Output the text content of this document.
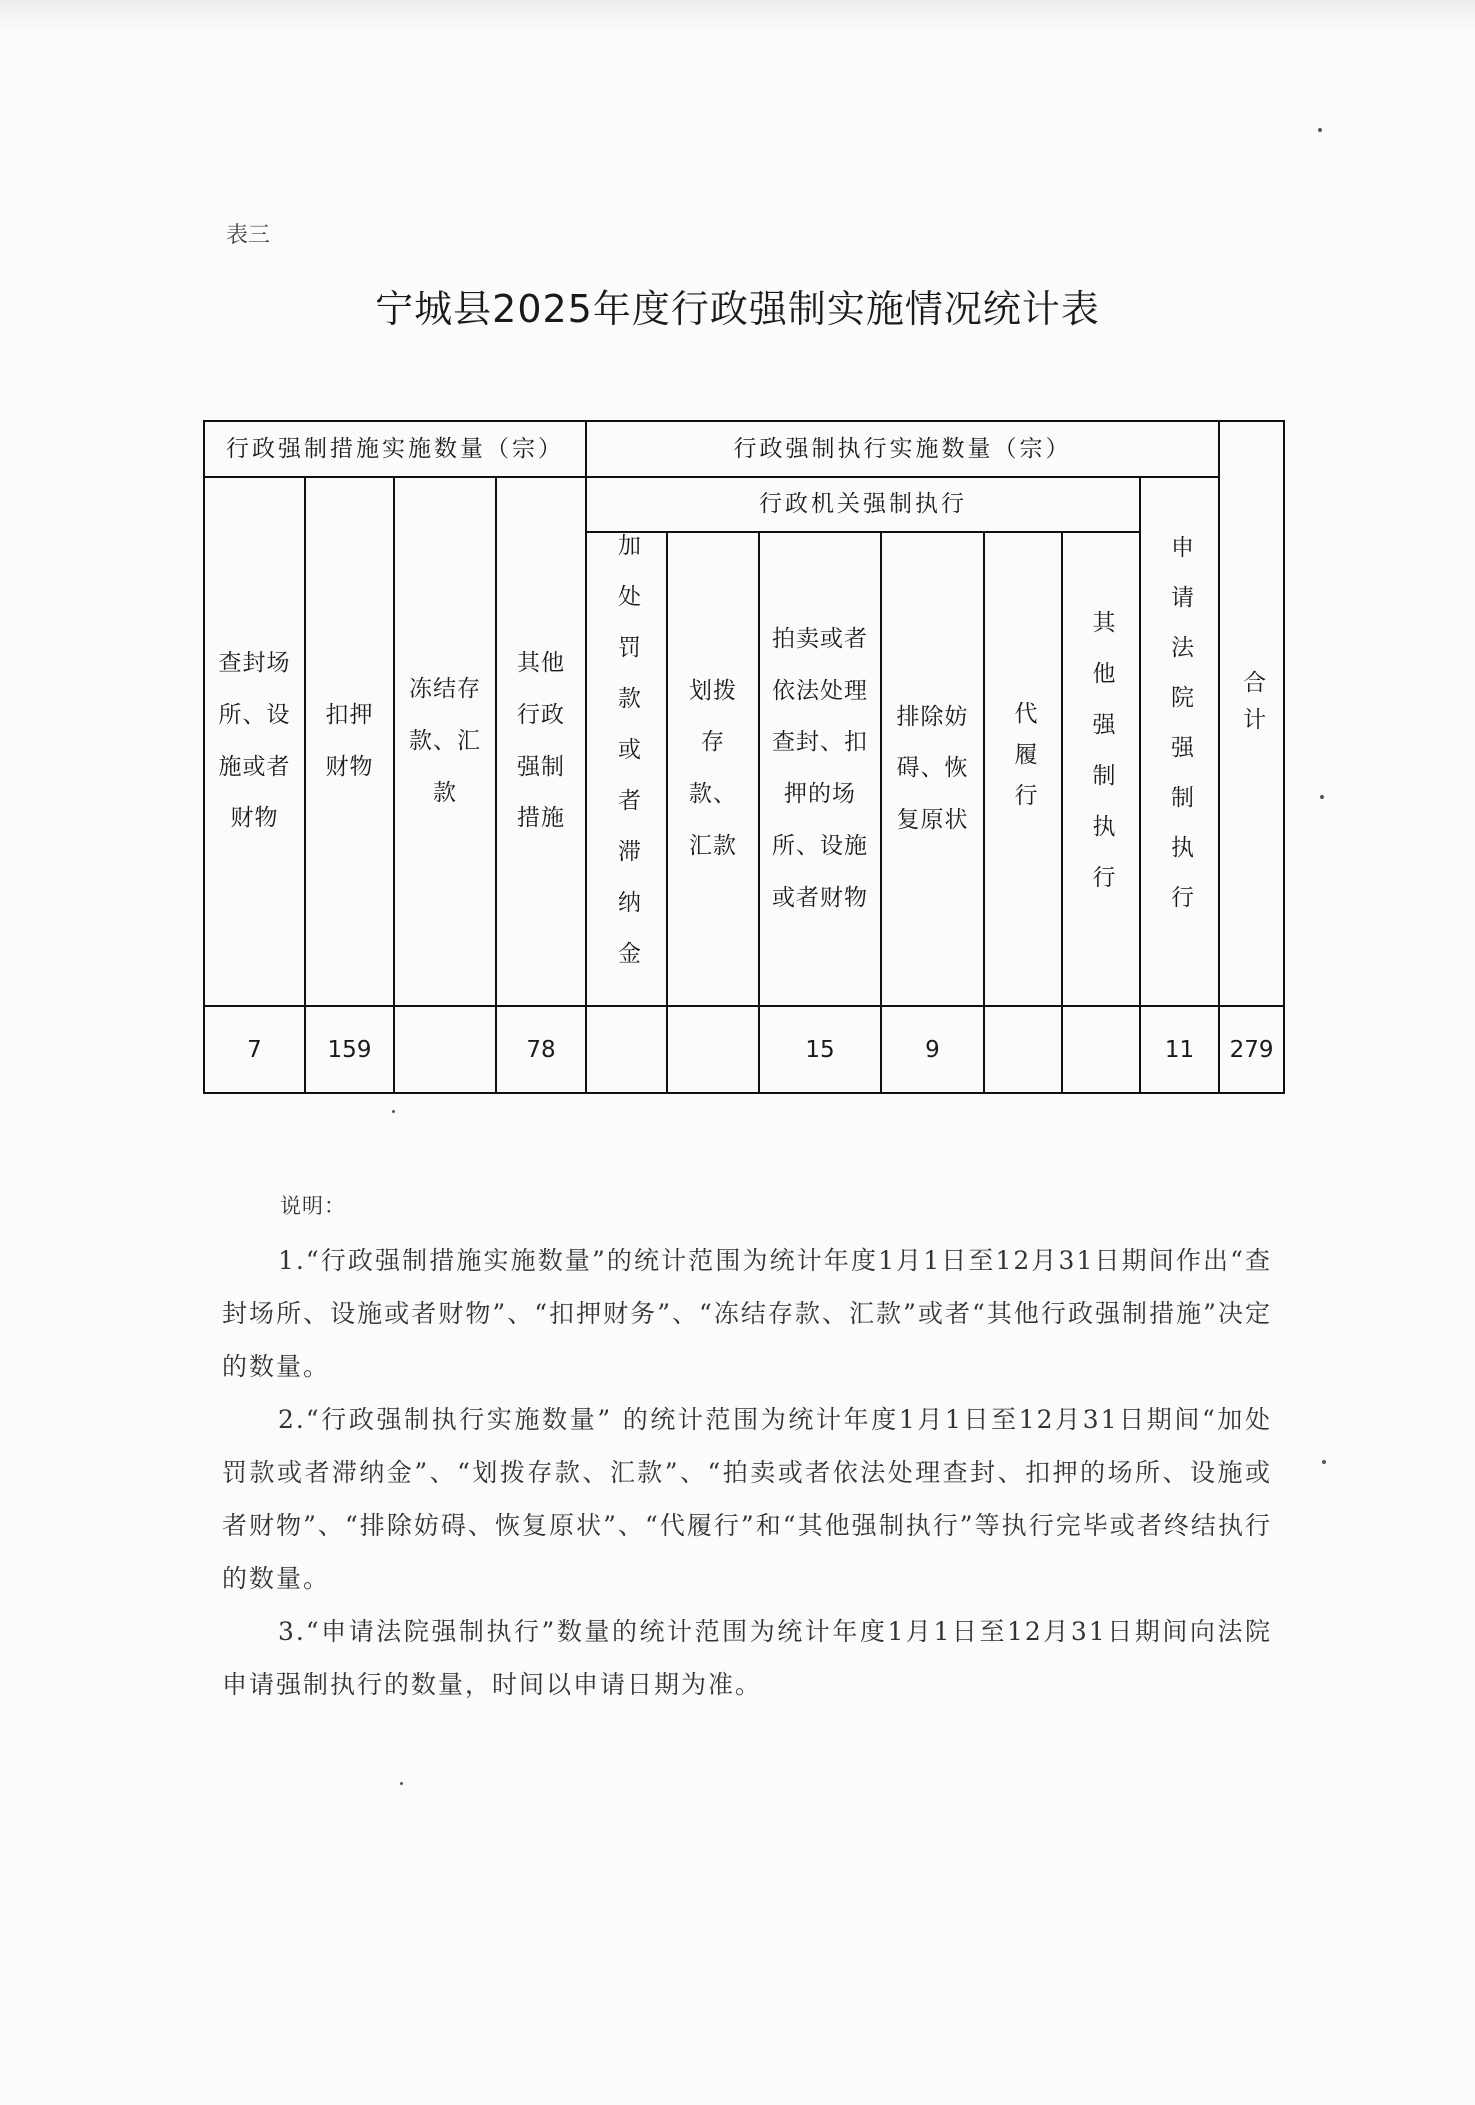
表三
宁城县2025年度行政强制实施情况统计表
行政强制措施实施数量（宗）				行政强制执行实施数量（宗）							合计
查封场所、设施或者财物	扣押财物	冻结存款、汇款	其他行政强制措施	行政机关强制执行						申请法院强制执行	
				加处罚款或者滞纳金	划拨存款、汇款	拍卖或者依法处理查封、扣押的场所、设施或者财物	排除妨碍、恢复原状	代履行	其他强制执行		
7	159		78			15	9			11	279
说明：

1.“行政强制措施实施数量”的统计范围为统计年度1月1日至12月31日期间作出“查封场所、设施或者财物”、“扣押财务”、“冻结存款、汇款”或者“其他行政强制措施”决定的数量。

2.“行政强制执行实施数量” 的统计范围为统计年度1月1日至12月31日期间“加处罚款或者滞纳金”、“划拨存款、汇款”、“拍卖或者依法处理查封、扣押的场所、设施或者财物”、“排除妨碍、恢复原状”、“代履行”和“其他强制执行”等执行完毕或者终结执行的数量。

3.“申请法院强制执行”数量的统计范围为统计年度1月1日至12月31日期间向法院申请强制执行的数量，时间以申请日期为准。
